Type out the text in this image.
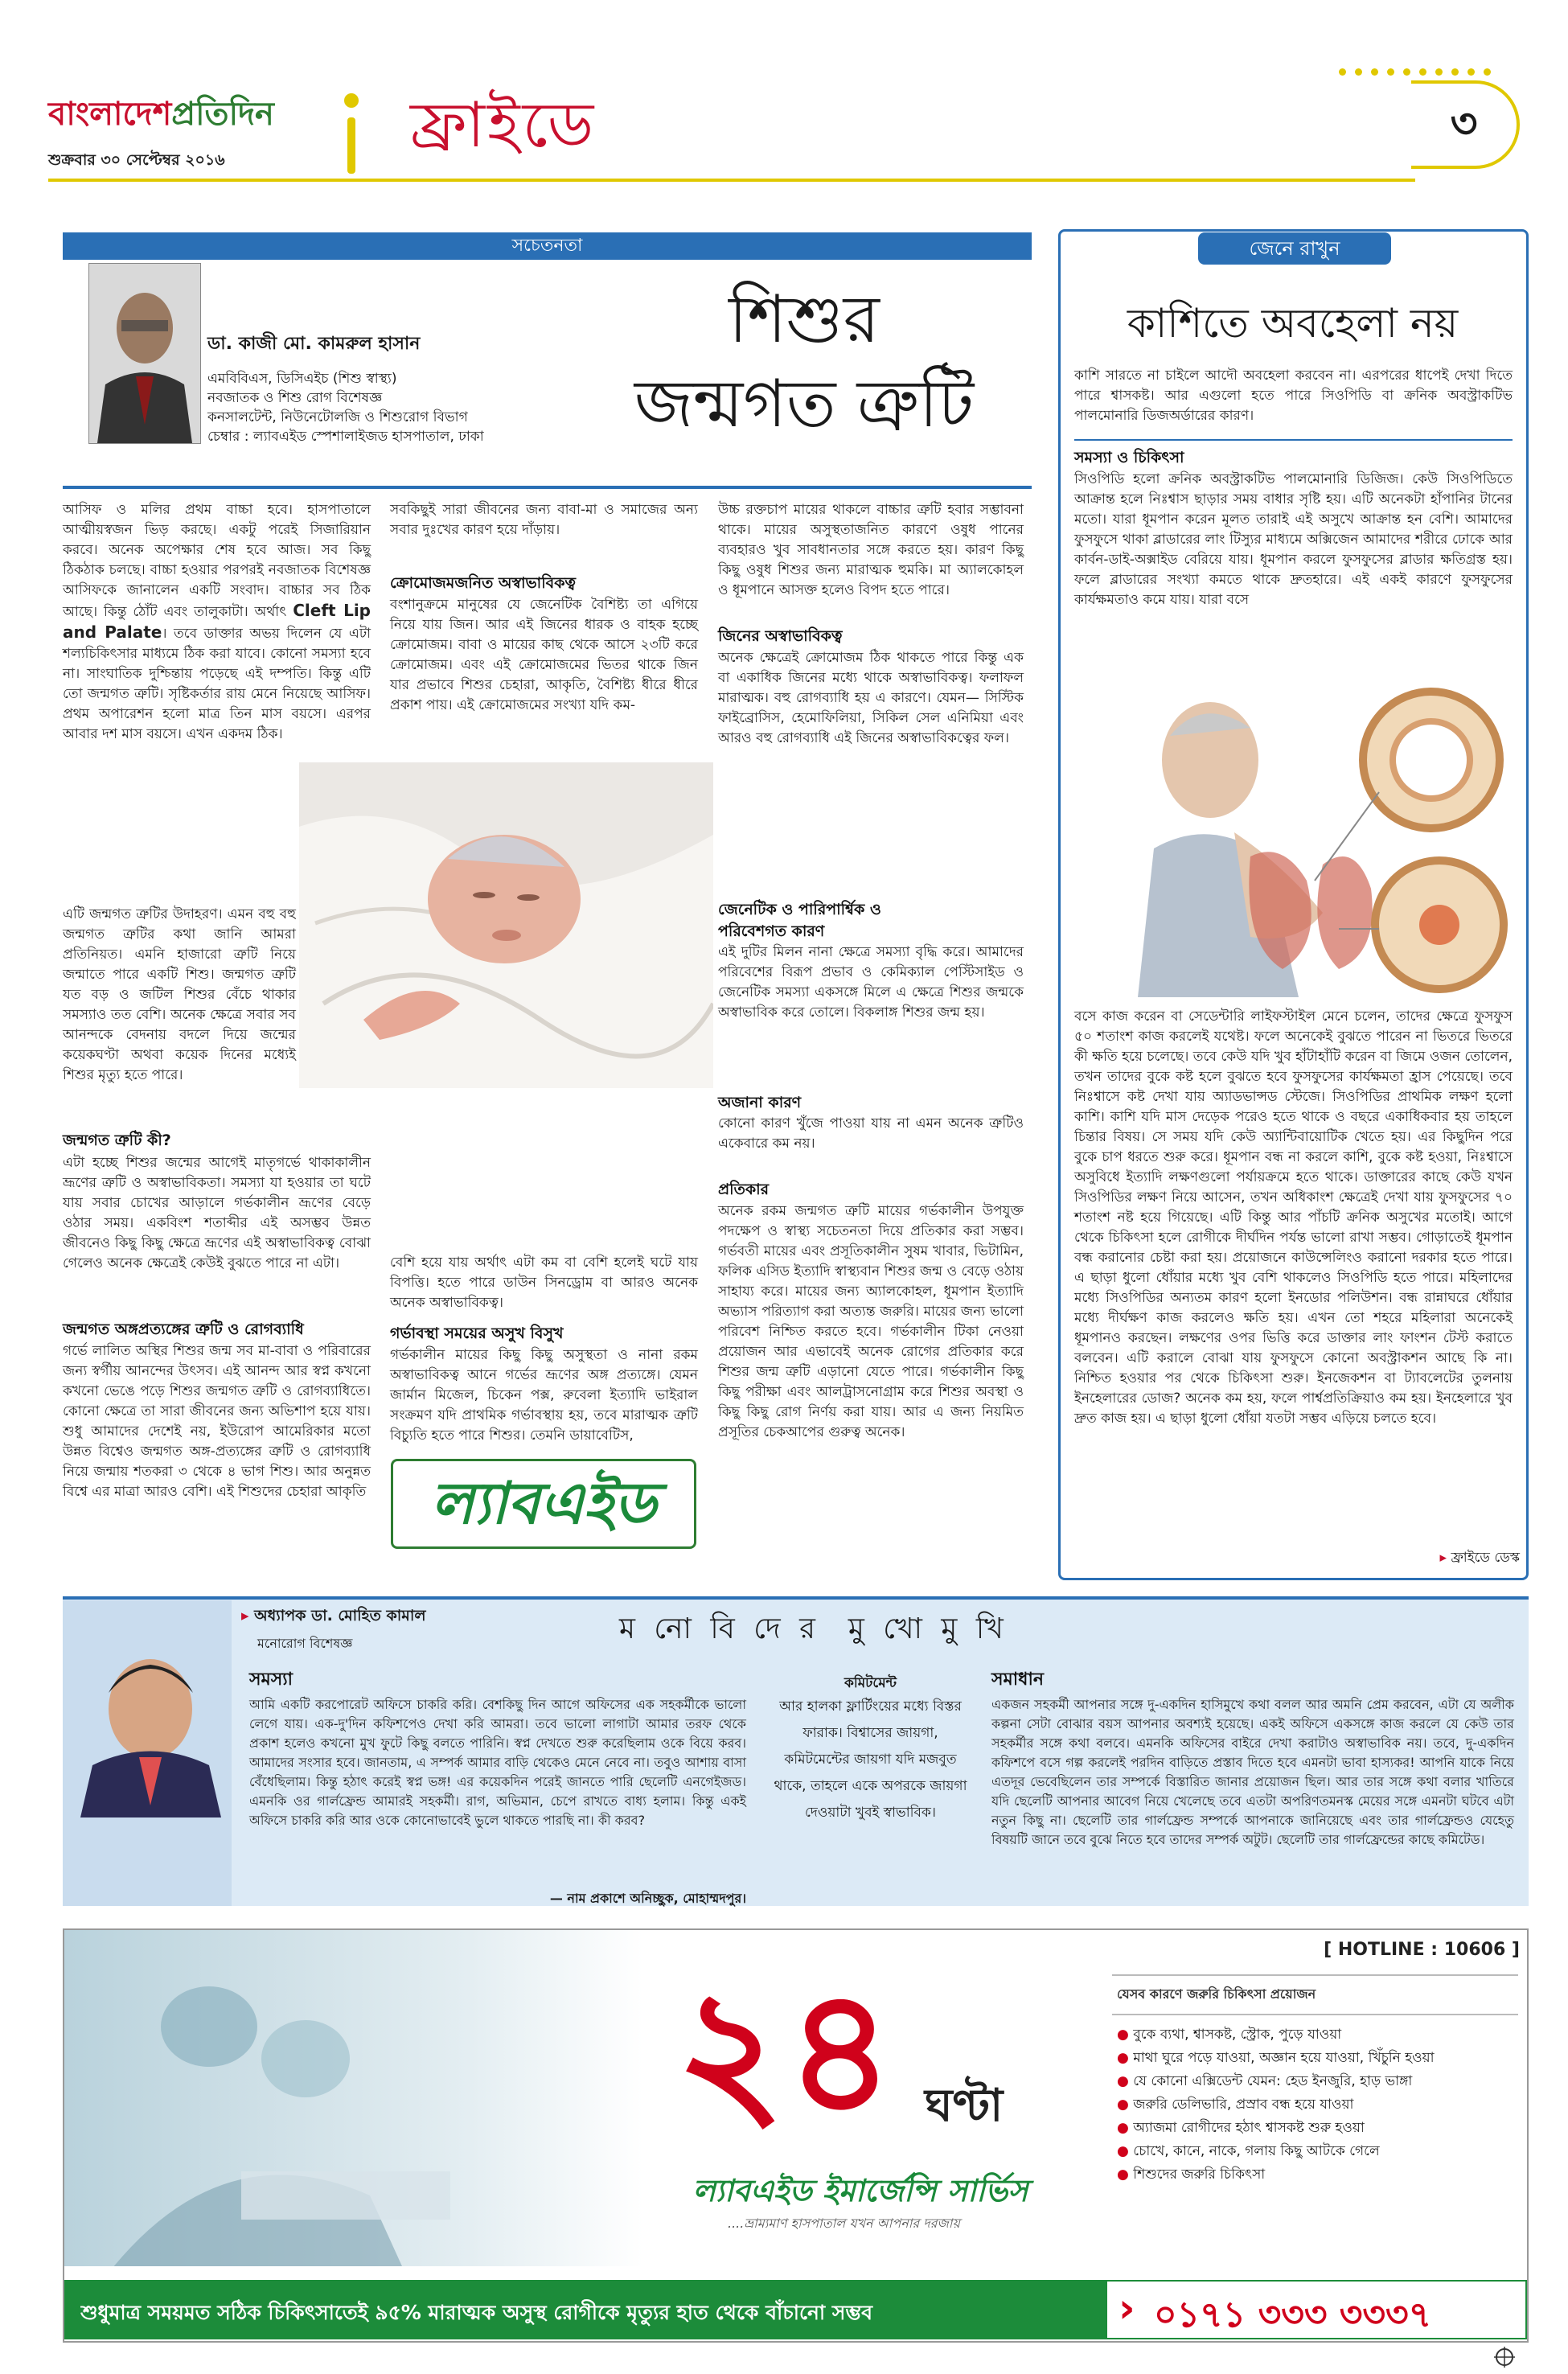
বাংলাদেশপ্রতিদিন
শুক্রবার ৩০ সেপ্টেম্বর ২০১৬	ফ্রাইডে	৩
সচেতনতা
ডা. কাজী মো. কামরুল হাসান
এমবিবিএস, ডিসিএইচ (শিশু স্বাস্থ্য)
নবজাতক ও শিশু রোগ বিশেষজ্ঞ
কনসালটেন্ট, নিউনেটোলজি ও শিশুরোগ বিভাগ
চেম্বার : ল্যাবএইড স্পেশালাইজড হাসপাতাল, ঢাকা
শিশুর
জন্মগত ত্রুটি
আসিফ ও মলির প্রথম বাচ্চা হবে। হাসপাতালে আত্মীয়স্বজন ভিড় করছে। একটু পরেই সিজারিয়ান করবে। অনেক অপেক্ষার শেষ হবে আজ। সব কিছু ঠিকঠাক চলছে। বাচ্চা হওয়ার পরপরই নবজাতক বিশেষজ্ঞ আসিফকে জানালেন একটি সংবাদ। বাচ্চার সব ঠিক আছে। কিন্তু ঠোঁট এবং তালুকাটা। অর্থাৎ Cleft Lip and Palate। তবে ডাক্তার অভয় দিলেন যে এটা শল্যচিকিৎসার মাধ্যমে ঠিক করা যাবে। কোনো সমস্যা হবে না। সাংঘাতিক দুশ্চিন্তায় পড়েছে এই দম্পতি। কিন্তু এটি তো জন্মগত ত্রুটি। সৃষ্টিকর্তার রায় মেনে নিয়েছে আসিফ। প্রথম অপারেশন হলো মাত্র তিন মাস বয়সে। এরপর আবার দশ মাস বয়সে। এখন একদম ঠিক।
এটি জন্মগত ত্রুটির উদাহরণ। এমন বহু বহু জন্মগত ত্রুটির কথা জানি আমরা প্রতিনিয়ত। এমনি হাজারো ত্রুটি নিয়ে জন্মাতে পারে একটি শিশু। জন্মগত ত্রুটি যত বড় ও জটিল শিশুর বেঁচে থাকার সমস্যাও তত বেশি। অনেক ক্ষেত্রে সবার সব আনন্দকে বেদনায় বদলে দিয়ে জন্মের কয়েকঘণ্টা অথবা কয়েক দিনের মধ্যেই শিশুর মৃত্যু হতে পারে।
জন্মগত ত্রুটি কী?
এটা হচ্ছে শিশুর জন্মের আগেই মাতৃগর্ভে থাকাকালীন ভ্রূণের ত্রুটি ও অস্বাভাবিকতা। সমস্যা যা হওয়ার তা ঘটে যায় সবার চোখের আড়ালে গর্ভকালীন ভ্রূণের বেড়ে ওঠার সময়। একবিংশ শতাব্দীর এই অসম্ভব উন্নত জীবনেও কিছু কিছু ক্ষেত্রে ভ্রূণের এই অস্বাভাবিকত্ব বোঝা গেলেও অনেক ক্ষেত্রেই কেউই বুঝতে পারে না এটা।
জন্মগত অঙ্গপ্রত্যঙ্গের ত্রুটি ও রোগব্যাধি
গর্ভে লালিত অস্থির শিশুর জন্ম সব মা-বাবা ও পরিবারের জন্য স্বর্গীয় আনন্দের উৎসব। এই আনন্দ আর স্বপ্ন কখনো কখনো ভেঙে পড়ে শিশুর জন্মগত ত্রুটি ও রোগব্যাধিতে। কোনো ক্ষেত্রে তা সারা জীবনের জন্য অভিশাপ হয়ে যায়। শুধু আমাদের দেশেই নয়, ইউরোপ আমেরিকার মতো উন্নত বিশ্বেও জন্মগত অঙ্গ-প্রত্যঙ্গের ত্রুটি ও রোগব্যাধি নিয়ে জন্মায় শতকরা ৩ থেকে ৪ ভাগ শিশু। আর অনুন্নত বিশ্বে এর মাত্রা আরও বেশি। এই শিশুদের চেহারা আকৃতি
সবকিছুই সারা জীবনের জন্য বাবা-মা ও সমাজের অন্য সবার দুঃখের কারণ হয়ে দাঁড়ায়।
ক্রোমোজমজনিত অস্বাভাবিকত্ব
বংশানুক্রমে মানুষের যে জেনেটিক বৈশিষ্ট্য তা এগিয়ে নিয়ে যায় জিন। আর এই জিনের ধারক ও বাহক হচ্ছে ক্রোমোজম। বাবা ও মায়ের কাছ থেকে আসে ২৩টি করে ক্রোমোজম। এবং এই ক্রোমোজমের ভিতর থাকে জিন যার প্রভাবে শিশুর চেহারা, আকৃতি, বৈশিষ্ট্য ধীরে ধীরে প্রকাশ পায়। এই ক্রোমোজমের সংখ্যা যদি কম-
বেশি হয়ে যায় অর্থাৎ এটা কম বা বেশি হলেই ঘটে যায় বিপত্তি। হতে পারে ডাউন সিনড্রোম বা আরও অনেক অনেক অস্বাভাবিকত্ব।
গর্ভাবস্থা সময়ের অসুখ বিসুখ
গর্ভকালীন মায়ের কিছু কিছু অসুস্থতা ও নানা রকম অস্বাভাবিকত্ব আনে গর্ভের ভ্রূণের অঙ্গ প্রত্যঙ্গে। যেমন জার্মান মিজেল, চিকেন পক্স, রুবেলা ইত্যাদি ভাইরাল সংক্রমণ যদি প্রাথমিক গর্ভাবস্থায় হয়, তবে মারাত্মক ত্রুটি বিচ্যুতি হতে পারে শিশুর। তেমনি ডায়াবেটিস,
ল্যাবএইড
উচ্চ রক্তচাপ মায়ের থাকলে বাচ্চার ত্রুটি হবার সম্ভাবনা থাকে। মায়ের অসুস্থতাজনিত কারণে ওষুধ পানের ব্যবহারও খুব সাবধানতার সঙ্গে করতে হয়। কারণ কিছু কিছু ওষুধ শিশুর জন্য মারাত্মক হুমকি। মা অ্যালকোহল ও ধূমপানে আসক্ত হলেও বিপদ হতে পারে।
জিনের অস্বাভাবিকত্ব
অনেক ক্ষেত্রেই ক্রোমোজম ঠিক থাকতে পারে কিন্তু এক বা একাধিক জিনের মধ্যে থাকে অস্বাভাবিকত্ব। ফলাফল মারাত্মক। বহু রোগব্যাধি হয় এ কারণে। যেমন— সিস্টিক ফাইব্রোসিস, হেমোফিলিয়া, সিকিল সেল এনিমিয়া এবং আরও বহু রোগব্যাধি এই জিনের অস্বাভাবিকত্বের ফল।
জেনেটিক ও পারিপার্শ্বিক ও পরিবেশগত কারণ
এই দুটির মিলন নানা ক্ষেত্রে সমস্যা বৃদ্ধি করে। আমাদের পরিবেশের বিরূপ প্রভাব ও কেমিক্যাল পেস্টিসাইড ও জেনেটিক সমস্যা একসঙ্গে মিলে এ ক্ষেত্রে শিশুর জন্মকে অস্বাভাবিক করে তোলে। বিকলাঙ্গ শিশুর জন্ম হয়।
অজানা কারণ
কোনো কারণ খুঁজে পাওয়া যায় না এমন অনেক ত্রুটিও একেবারে কম নয়।
প্রতিকার
অনেক রকম জন্মগত ত্রুটি মায়ের গর্ভকালীন উপযুক্ত পদক্ষেপ ও স্বাস্থ্য সচেতনতা দিয়ে প্রতিকার করা সম্ভব। গর্ভবতী মায়ের এবং প্রসূতিকালীন সুষম খাবার, ভিটামিন, ফলিক এসিড ইত্যাদি স্বাস্থ্যবান শিশুর জন্ম ও বেড়ে ওঠায় সাহায্য করে। মায়ের জন্য অ্যালকোহল, ধূমপান ইত্যাদি অভ্যাস পরিত্যাগ করা অত্যন্ত জরুরি। মায়ের জন্য ভালো পরিবেশ নিশ্চিত করতে হবে। গর্ভকালীন টিকা নেওয়া প্রয়োজন আর এভাবেই অনেক রোগের প্রতিকার করে শিশুর জন্ম ত্রুটি এড়ানো যেতে পারে। গর্ভকালীন কিছু কিছু পরীক্ষা এবং আলট্রাসনোগ্রাম করে শিশুর অবস্থা ও কিছু কিছু রোগ নির্ণয় করা যায়। আর এ জন্য নিয়মিত প্রসূতির চেকআপের গুরুত্ব অনেক।
জেনে রাখুন
কাশিতে অবহেলা নয়
কাশি সারতে না চাইলে আদৌ অবহেলা করবেন না। এরপরের ধাপেই দেখা দিতে পারে শ্বাসকষ্ট। আর এগুলো হতে পারে সিওপিডি বা ক্রনিক অবস্ট্রাকটিভ পালমোনারি ডিজঅর্ডারের কারণ।
সমস্যা ও চিকিৎসা
সিওপিডি হলো ক্রনিক অবস্ট্রাকটিভ পালমোনারি ডিজিজ। কেউ সিওপিডিতে আক্রান্ত হলে নিঃশ্বাস ছাড়ার সময় বাধার সৃষ্টি হয়। এটি অনেকটা হাঁপানির টানের মতো। যারা ধূমপান করেন মূলত তারাই এই অসুখে আক্রান্ত হন বেশি। আমাদের ফুসফুসে থাকা ব্লাডারের লাং টিস্যুর মাধ্যমে অক্সিজেন আমাদের শরীরে ঢোকে আর কার্বন-ডাই-অক্সাইড বেরিয়ে যায়। ধূমপান করলে ফুসফুসের ব্লাডার ক্ষতিগ্রস্ত হয়। ফলে ব্লাডারের সংখ্যা কমতে থাকে দ্রুতহারে। এই একই কারণে ফুসফুসের কার্যক্ষমতাও কমে যায়। যারা বসে
বসে কাজ করেন বা সেডেন্টারি লাইফস্টাইল মেনে চলেন, তাদের ক্ষেত্রে ফুসফুস ৫০ শতাংশ কাজ করলেই যথেষ্ট। ফলে অনেকেই বুঝতে পারেন না ভিতরে ভিতরে কী ক্ষতি হয়ে চলেছে। তবে কেউ যদি খুব হাঁটাহাঁটি করেন বা জিমে ওজন তোলেন, তখন তাদের বুকে কষ্ট হলে বুঝতে হবে ফুসফুসের কার্যক্ষমতা হ্রাস পেয়েছে। তবে নিঃশ্বাসে কষ্ট দেখা যায় অ্যাডভান্সড স্টেজে। সিওপিডির প্রাথমিক লক্ষণ হলো কাশি। কাশি যদি মাস দেড়েক পরেও হতে থাকে ও বছরে একাধিকবার হয় তাহলে চিন্তার বিষয়। সে সময় যদি কেউ অ্যান্টিবায়োটিক খেতে হয়। এর কিছুদিন পরে বুকে চাপ ধরতে শুরু করে। ধূমপান বন্ধ না করলে কাশি, বুকে কষ্ট হওয়া, নিঃশ্বাসে অসুবিধে ইত্যাদি লক্ষণগুলো পর্যায়ক্রমে হতে থাকে। ডাক্তারের কাছে কেউ যখন সিওপিডির লক্ষণ নিয়ে আসেন, তখন অধিকাংশ ক্ষেত্রেই দেখা যায় ফুসফুসের ৭০ শতাংশ নষ্ট হয়ে গিয়েছে। এটি কিন্তু আর পাঁচটি ক্রনিক অসুখের মতোই। আগে থেকে চিকিৎসা হলে রোগীকে দীর্ঘদিন পর্যন্ত ভালো রাখা সম্ভব। গোড়াতেই ধূমপান বন্ধ করানোর চেষ্টা করা হয়। প্রয়োজনে কাউন্সেলিংও করানো দরকার হতে পারে। এ ছাড়া ধুলো ধোঁয়ার মধ্যে খুব বেশি থাকলেও সিওপিডি হতে পারে। মহিলাদের মধ্যে সিওপিডির অন্যতম কারণ হলো ইনডোর পলিউশন। বন্ধ রান্নাঘরে ধোঁয়ার মধ্যে দীর্ঘক্ষণ কাজ করলেও ক্ষতি হয়। এখন তো শহরে মহিলারা অনেকেই ধূমপানও করছেন। লক্ষণের ওপর ভিত্তি করে ডাক্তার লাং ফাংশন টেস্ট করাতে বলবেন। এটি করালে বোঝা যায় ফুসফুসে কোনো অবস্ট্রাকশন আছে কি না। নিশ্চিত হওয়ার পর থেকে চিকিৎসা শুরু। ইনজেকশন বা ট্যাবলেটের তুলনায় ইনহেলারের ডোজ? অনেক কম হয়, ফলে পার্শ্বপ্রতিক্রিয়াও কম হয়। ইনহেলারে খুব দ্রুত কাজ হয়। এ ছাড়া ধুলো ধোঁয়া যতটা সম্ভব এড়িয়ে চলতে হবে।
▸ ফ্রাইডে ডেস্ক
▸ অধ্যাপক ডা. মোহিত কামাল
মনোরোগ বিশেষজ্ঞ	ম নো বি দে র  মু খো মু খি
সমস্যা
আমি একটি করপোরেট অফিসে চাকরি করি। বেশকিছু দিন আগে অফিসের এক সহকর্মীকে ভালো লেগে যায়। এক-দু'দিন কফিশপেও দেখা করি আমরা। তবে ভালো লাগাটা আমার তরফ থেকে প্রকাশ হলেও কখনো মুখ ফুটে কিছু বলতে পারিনি। স্বপ্ন দেখতে শুরু করেছিলাম ওকে বিয়ে করব। আমাদের সংসার হবে। জানতাম, এ সম্পর্ক আমার বাড়ি থেকেও মেনে নেবে না। তবুও আশায় বাসা বেঁধেছিলাম। কিন্তু হঠাৎ করেই স্বপ্ন ভঙ্গ! এর কয়েকদিন পরেই জানতে পারি ছেলেটি এনগেইজড। এমনকি ওর গার্লফ্রেন্ড আমারই সহকর্মী। রাগ, অভিমান, চেপে রাখতে বাধ্য হলাম। কিন্তু একই অফিসে চাকরি করি আর ওকে কোনোভাবেই ভুলে থাকতে পারছি না। কী করব?
— নাম প্রকাশে অনিচ্ছুক, মোহাম্মদপুর।
কমিটমেন্ট
আর হালকা ফ্লার্টিংয়ের মধ্যে বিস্তর ফারাক। বিশ্বাসের জায়গা, কমিটমেন্টের জায়গা যদি মজবুত থাকে, তাহলে একে অপরকে জায়গা দেওয়াটা খুবই স্বাভাবিক।
সমাধান
একজন সহকর্মী আপনার সঙ্গে দু-একদিন হাসিমুখে কথা বলল আর অমনি প্রেম করবেন, এটা যে অলীক কল্পনা সেটা বোঝার বয়স আপনার অবশ্যই হয়েছে। একই অফিসে একসঙ্গে কাজ করলে যে কেউ তার সহকর্মীর সঙ্গে কথা বলবে। এমনকি অফিসের বাইরে দেখা করাটাও অস্বাভাবিক নয়। তবে, দু-একদিন কফিশপে বসে গল্প করলেই পরদিন বাড়িতে প্রস্তাব দিতে হবে এমনটা ভাবা হাস্যকর! আপনি যাকে নিয়ে এতদূর ভেবেছিলেন তার সম্পর্কে বিস্তারিত জানার প্রয়োজন ছিল। আর তার সঙ্গে কথা বলার খাতিরে যদি ছেলেটি আপনার আবেগ নিয়ে খেলেছে তবে এতটা অপরিণতমনস্ক মেয়ের সঙ্গে এমনটা ঘটবে এটা নতুন কিছু না। ছেলেটি তার গার্লফ্রেন্ড সম্পর্কে আপনাকে জানিয়েছে এবং তার গার্লফ্রেন্ডও যেহেতু বিষয়টি জানে তবে বুঝে নিতে হবে তাদের সম্পর্ক অটুট। ছেলেটি তার গার্লফ্রেন্ডের কাছে কমিটেড।
২৪ ঘণ্টা
ল্যাবএইড ইমার্জেন্সি সার্ভিস
....ভ্রাম্যমাণ হাসপাতাল যখন আপনার দরজায়
[ HOTLINE : 10606 ]
যেসব কারণে জরুরি চিকিৎসা প্রয়োজন
● বুকে ব্যথা, শ্বাসকষ্ট, স্ট্রোক, পুড়ে যাওয়া
● মাথা ঘুরে পড়ে যাওয়া, অজ্ঞান হয়ে যাওয়া, খিঁচুনি হওয়া
● যে কোনো এক্সিডেন্ট যেমন: হেড ইনজুরি, হাড় ভাঙ্গা
● জরুরি ডেলিভারি, প্রস্রাব বন্ধ হয়ে যাওয়া
● অ্যাজমা রোগীদের হঠাৎ শ্বাসকষ্ট শুরু হওয়া
● চোখে, কানে, নাকে, গলায় কিছু আটকে গেলে
● শিশুদের জরুরি চিকিৎসা
শুধুমাত্র সময়মত সঠিক চিকিৎসাতেই ৯৫% মারাত্মক অসুস্থ রোগীকে মৃত্যুর হাত থেকে বাঁচানো সম্ভব	› ০১৭১ ৩৩৩ ৩৩৩৭
